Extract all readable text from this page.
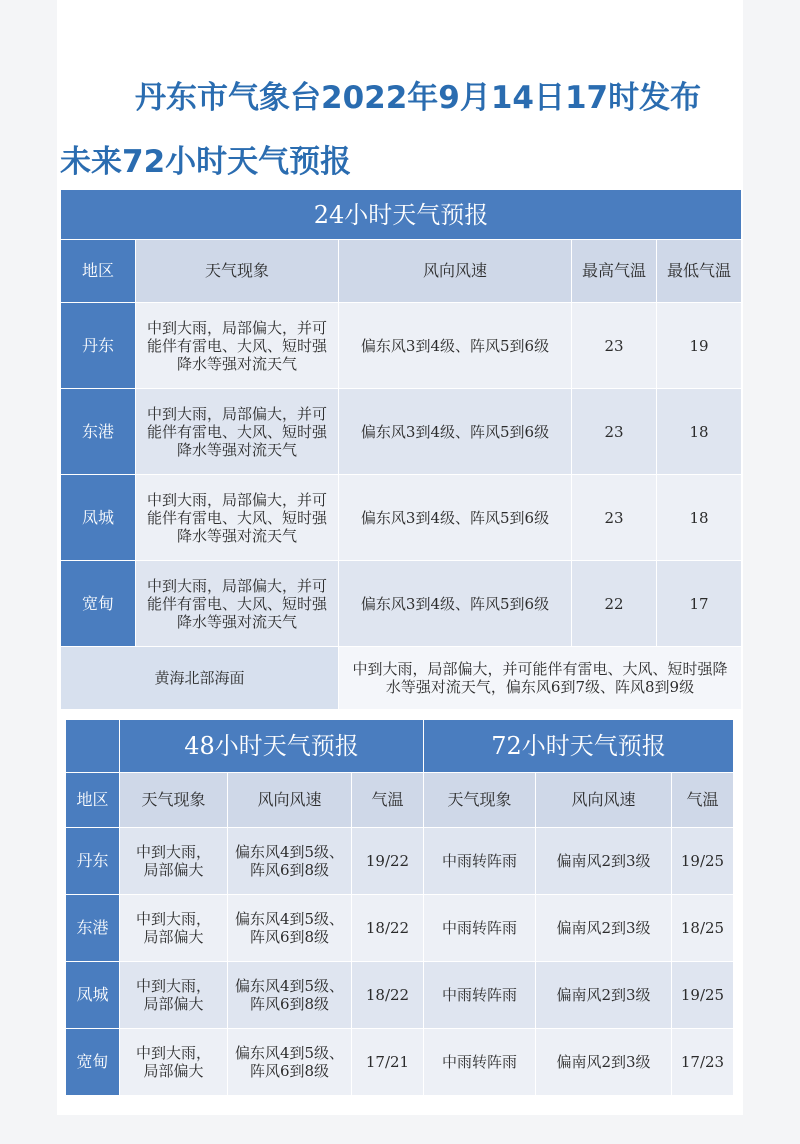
丹东市气象台2022年9月14日17时发布
未来72小时天气预报
24小时天气预报				
地区	天气现象	风向风速	最高气温	最低气温
丹东	中到大雨，局部偏大，并可能伴有雷电、大风、短时强降水等强对流天气	偏东风3到4级、阵风5到6级	23	19
东港	中到大雨，局部偏大，并可能伴有雷电、大风、短时强降水等强对流天气	偏东风3到4级、阵风5到6级	23	18
凤城	中到大雨，局部偏大，并可能伴有雷电、大风、短时强降水等强对流天气	偏东风3到4级、阵风5到6级	23	18
宽甸	中到大雨，局部偏大，并可能伴有雷电、大风、短时强降水等强对流天气	偏东风3到4级、阵风5到6级	22	17
黄海北部海面		中到大雨，局部偏大，并可能伴有雷电、大风、短时强降水等强对流天气，偏东风6到7级、阵风8到9级		
	48小时天气预报			72小时天气预报		
地区	天气现象	风向风速	气温	天气现象	风向风速	气温
丹东	中到大雨，局部偏大	偏东风4到5级、阵风6到8级	19/22	中雨转阵雨	偏南风2到3级	19/25
东港	中到大雨，局部偏大	偏东风4到5级、阵风6到8级	18/22	中雨转阵雨	偏南风2到3级	18/25
凤城	中到大雨，局部偏大	偏东风4到5级、阵风6到8级	18/22	中雨转阵雨	偏南风2到3级	19/25
宽甸	中到大雨，局部偏大	偏东风4到5级、阵风6到8级	17/21	中雨转阵雨	偏南风2到3级	17/23
